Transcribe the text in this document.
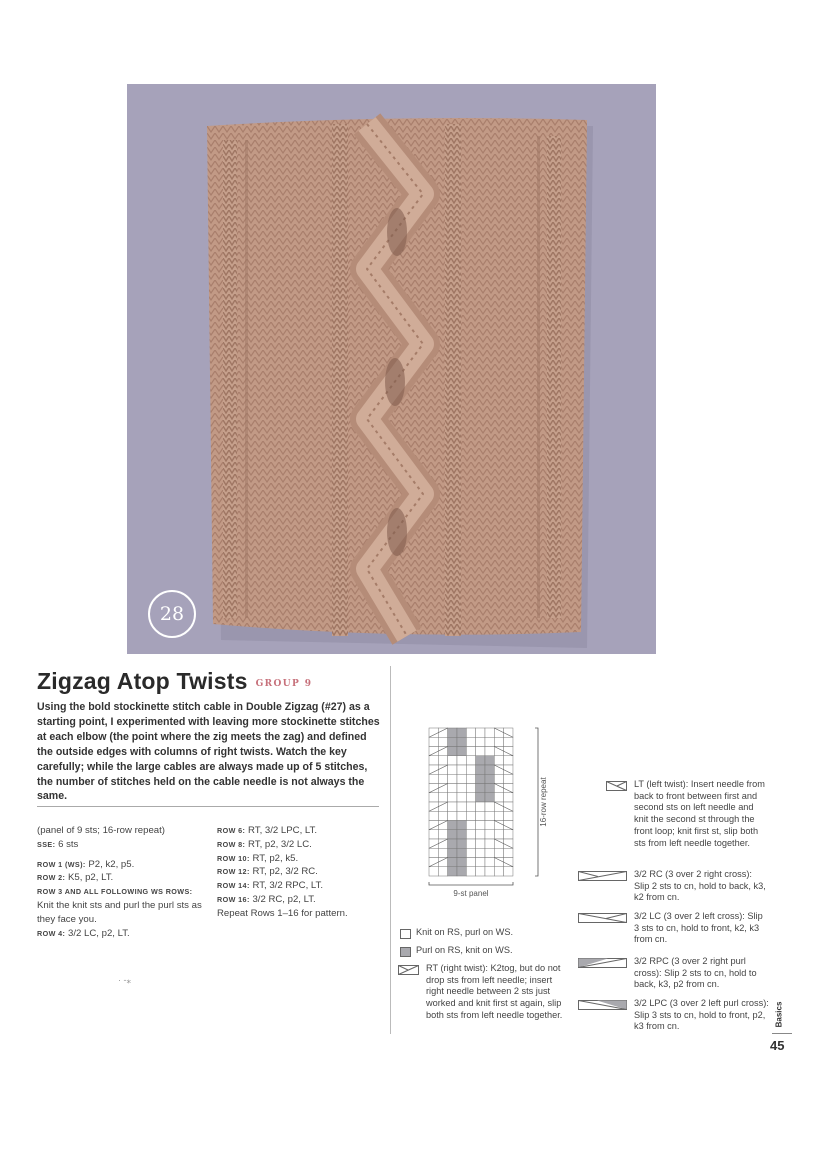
28
Zigzag Atop Twists GROUP 9
Using the bold stockinette stitch cable in Double Zigzag (#27) as a starting point, I experimented with leaving more stockinette stitches at each elbow (the point where the zig meets the zag) and defined the outside edges with columns of right twists. Watch the key carefully; while the large cables are always made up of 5 stitches, the number of stitches held on the cable needle is not always the same.
(panel of 9 sts; 16-row repeat)
SSE: 6 sts
ROW 1 (WS): P2, k2, p5.
ROW 2: K5, p2, LT.
ROW 3 AND ALL FOLLOWING WS ROWS:
Knit the knit sts and purl the purl sts as they face you.
ROW 4: 3/2 LC, p2, LT.
ROW 6: RT, 3/2 LPC, LT.
ROW 8: RT, p2, 3/2 LC.
ROW 10: RT, p2, k5.
ROW 12: RT, p2, 3/2 RC.
ROW 14: RT, 3/2 RPC, LT.
ROW 16: 3/2 RC, p2, LT.
Repeat Rows 1–16 for pattern.
16-row repeat
9-st panel
Knit on RS, purl on WS.
Purl on RS, knit on WS.
RT (right twist): K2tog, but do not drop sts from left needle; insert right needle between 2 sts just worked and knit first st again, slip both sts from left needle together.
LT (left twist): Insert needle from back to front between first and second sts on left needle and knit the second st through the front loop; knit first st, slip both sts from left needle together.
3/2 RC (3 over 2 right cross): Slip 2 sts to cn, hold to back, k3, k2 from cn.
3/2 LC (3 over 2 left cross): Slip 3 sts to cn, hold to front, k2, k3 from cn.
3/2 RPC (3 over 2 right purl cross): Slip 2 sts to cn, hold to back, k3, p2 from cn.
3/2 LPC (3 over 2 left purl cross): Slip 3 sts to cn, hold to front, p2, k3 from cn.	Basics
45
· -⁎
